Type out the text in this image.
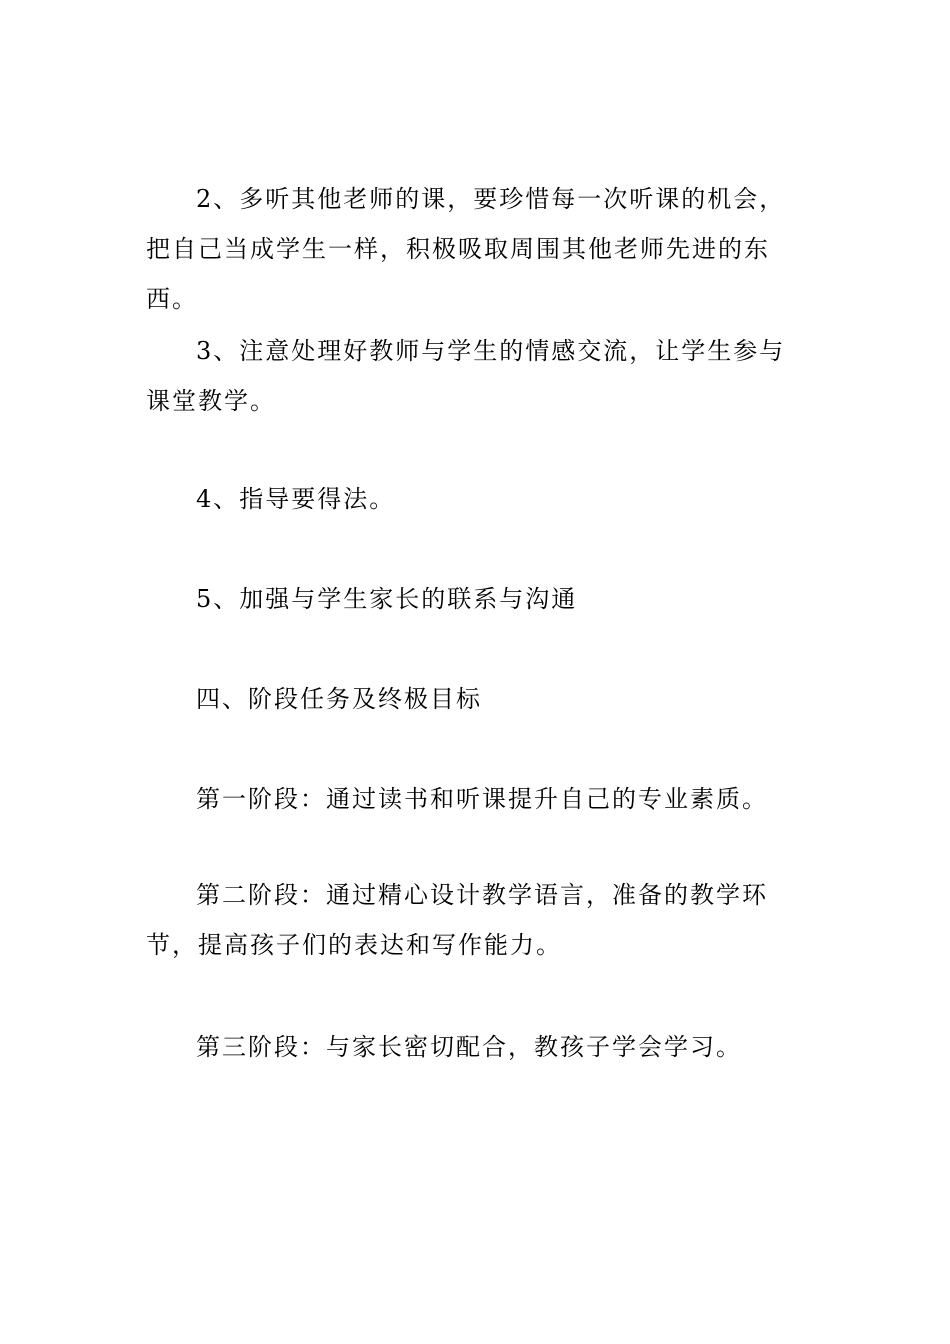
2、多听其他老师的课，要珍惜每一次听课的机会，把自己当成学生一样，积极吸取周围其他老师先进的东西。

3、注意处理好教师与学生的情感交流，让学生参与课堂教学。

4、指导要得法。

5、加强与学生家长的联系与沟通

四、阶段任务及终极目标

第一阶段：通过读书和听课提升自己的专业素质。

第二阶段：通过精心设计教学语言，准备的教学环节，提高孩子们的表达和写作能力。

第三阶段：与家长密切配合，教孩子学会学习。
